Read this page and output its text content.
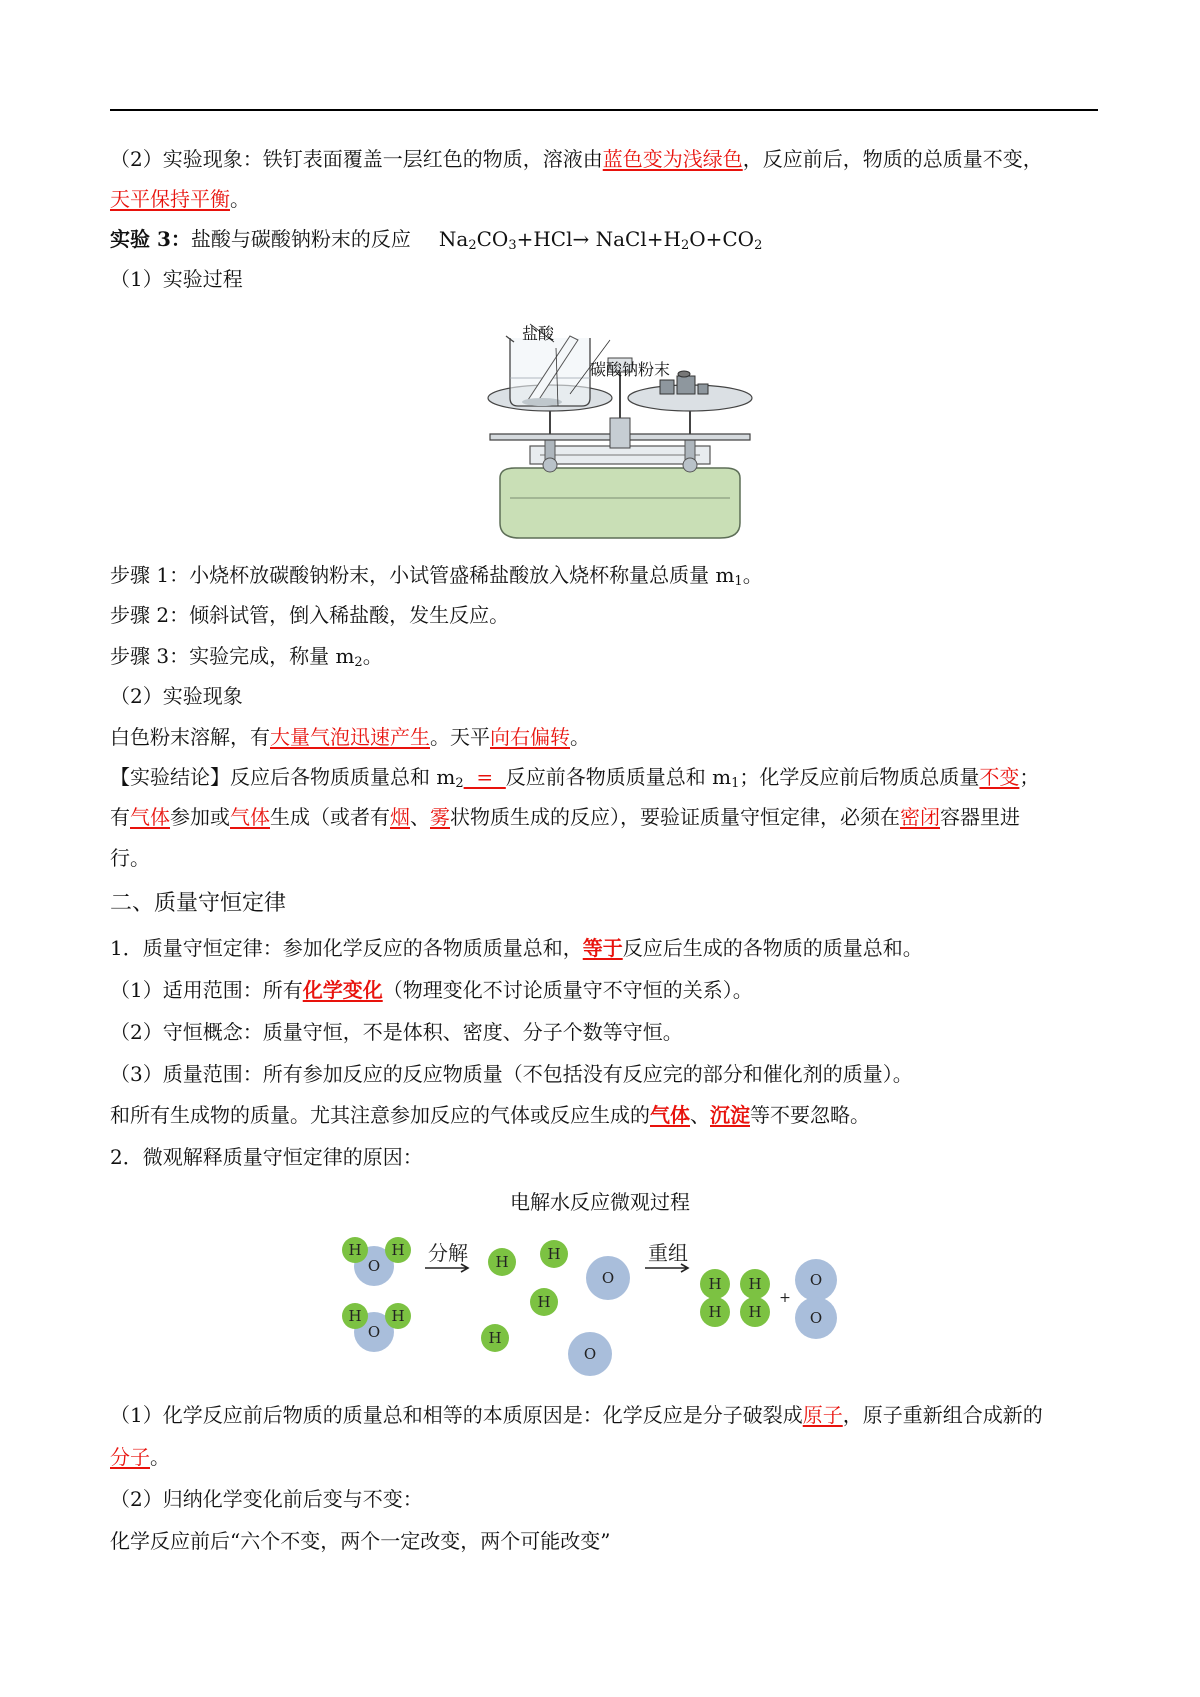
（2）实验现象：铁钉表面覆盖一层红色的物质，溶液由蓝色变为浅绿色，反应前后，物质的总质量不变，
天平保持平衡。
实验 3：盐酸与碳酸钠粉末的反应 $Na_2CO_3+HCl\to$ $NaCl+H_2O+CO_2$
（1）实验过程
盐酸
碳酸钠粉末
步骤 1：小烧杯放碳酸钠粉末，小试管盛稀盐酸放入烧杯称量总质量 $m_1$。
步骤 2：倾斜试管，倒入稀盐酸，发生反应。
步骤 3：实验完成，称量 $m_2$。
（2）实验现象
白色粉末溶解，有大量气泡迅速产生。天平向右偏转。
【实验结论】反应后各物质质量总和 $m_2$  =  反应前各物质质量总和 $m_1$；化学反应前后物质总质量不变；
有气体参加或气体生成（或者有烟、雾状物质生成的反应），要验证质量守恒定律，必须在密闭容器里进
行。
二、质量守恒定律
1．质量守恒定律：参加化学反应的各物质质量总和，等于反应后生成的各物质的质量总和。
（1）适用范围：所有化学变化（物理变化不讨论质量守不守恒的关系）。
（2）守恒概念：质量守恒，不是体积、密度、分子个数等守恒。
（3）质量范围：所有参加反应的反应物质量（不包括没有反应完的部分和催化剂的质量）。
和所有生成物的质量。尤其注意参加反应的气体或反应生成的气体、沉淀等不要忽略。
2．微观解释质量守恒定律的原因：
电解水反应微观过程
O
H H
O
H H
分解 H	H
H
H
O
O
重组
H
H
H
H
+
O
O
（1）化学反应前后物质的质量总和相等的本质原因是：化学反应是分子破裂成原子，原子重新组合成新的
分子。
（2）归纳化学变化前后变与不变：
化学反应前后“六个不变，两个一定改变，两个可能改变”
